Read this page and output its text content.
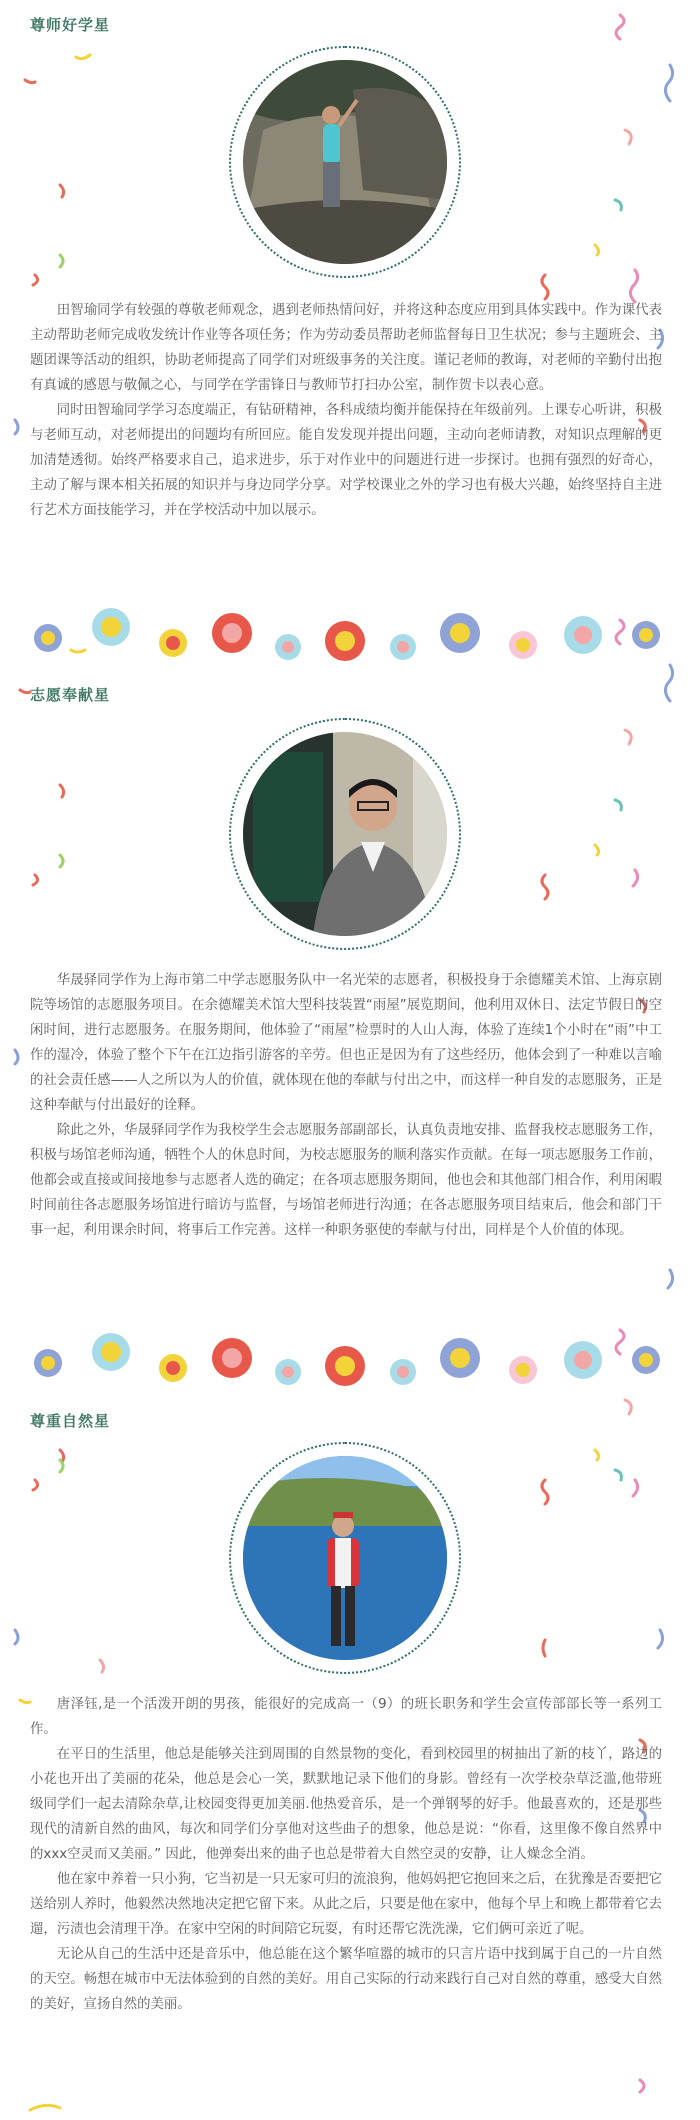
尊师好学星

田智瑜同学有较强的尊敬老师观念，遇到老师热情问好，并将这种态度应用到具体实践中。作为课代表主动帮助老师完成收发统计作业等各项任务；作为劳动委员帮助老师监督每日卫生状况；参与主题班会、主题团课等活动的组织，协助老师提高了同学们对班级事务的关注度。谨记老师的教诲，对老师的辛勤付出抱有真诚的感恩与敬佩之心，与同学在学雷锋日与教师节打扫办公室，制作贺卡以表心意。

同时田智瑜同学学习态度端正，有钻研精神，各科成绩均衡并能保持在年级前列。上课专心听讲，积极与老师互动，对老师提出的问题均有所回应。能自发发现并提出问题，主动向老师请教，对知识点理解的更加清楚透彻。始终严格要求自己，追求进步，乐于对作业中的问题进行进一步探讨。也拥有强烈的好奇心，主动了解与课本相关拓展的知识并与身边同学分享。对学校课业之外的学习也有极大兴趣，始终坚持自主进行艺术方面技能学习，并在学校活动中加以展示。

志愿奉献星

华晟驿同学作为上海市第二中学志愿服务队中一名光荣的志愿者，积极投身于余德耀美术馆、上海京剧院等场馆的志愿服务项目。在余德耀美术馆大型科技装置“雨屋”展览期间，他利用双休日、法定节假日的空闲时间，进行志愿服务。在服务期间，他体验了“雨屋”检票时的人山人海，体验了连续1个小时在“雨”中工作的湿冷，体验了整个下午在江边指引游客的辛劳。但也正是因为有了这些经历，他体会到了一种难以言喻的社会责任感——人之所以为人的价值，就体现在他的奉献与付出之中，而这样一种自发的志愿服务，正是这种奉献与付出最好的诠释。

除此之外，华晟驿同学作为我校学生会志愿服务部副部长，认真负责地安排、监督我校志愿服务工作，积极与场馆老师沟通，牺牲个人的休息时间，为校志愿服务的顺利落实作贡献。在每一项志愿服务工作前，他都会或直接或间接地参与志愿者人选的确定；在各项志愿服务期间，他也会和其他部门相合作，利用闲暇时间前往各志愿服务场馆进行暗访与监督，与场馆老师进行沟通；在各志愿服务项目结束后，他会和部门干事一起，利用课余时间，将事后工作完善。这样一种职务驱使的奉献与付出，同样是个人价值的体现。

尊重自然星

唐泽钰,是一个活泼开朗的男孩，能很好的完成高一（9）的班长职务和学生会宣传部部长等一系列工作。

在平日的生活里，他总是能够关注到周围的自然景物的变化，看到校园里的树抽出了新的枝丫，路边的小花也开出了美丽的花朵，他总是会心一笑，默默地记录下他们的身影。曾经有一次学校杂草泛滥,他带班级同学们一起去清除杂草,让校园变得更加美丽.他热爱音乐，是一个弹钢琴的好手。他最喜欢的，还是那些现代的清新自然的曲风，每次和同学们分享他对这些曲子的想象，他总是说：“你看，这里像不像自然界中的xxx空灵而又美丽。” 因此，他弹奏出来的曲子也总是带着大自然空灵的安静，让人燥念全消。

他在家中养着一只小狗，它当初是一只无家可归的流浪狗，他妈妈把它抱回来之后，在犹豫是否要把它送给别人养时，他毅然决然地决定把它留下来。从此之后，只要是他在家中，他每个早上和晚上都带着它去遛，污渍也会清理干净。在家中空闲的时间陪它玩耍，有时还帮它洗洗澡，它们俩可亲近了呢。

无论从自己的生活中还是音乐中，他总能在这个繁华喧嚣的城市的只言片语中找到属于自己的一片自然的天空。畅想在城市中无法体验到的自然的美好。用自己实际的行动来践行自己对自然的尊重，感受大自然的美好，宣扬自然的美丽。
